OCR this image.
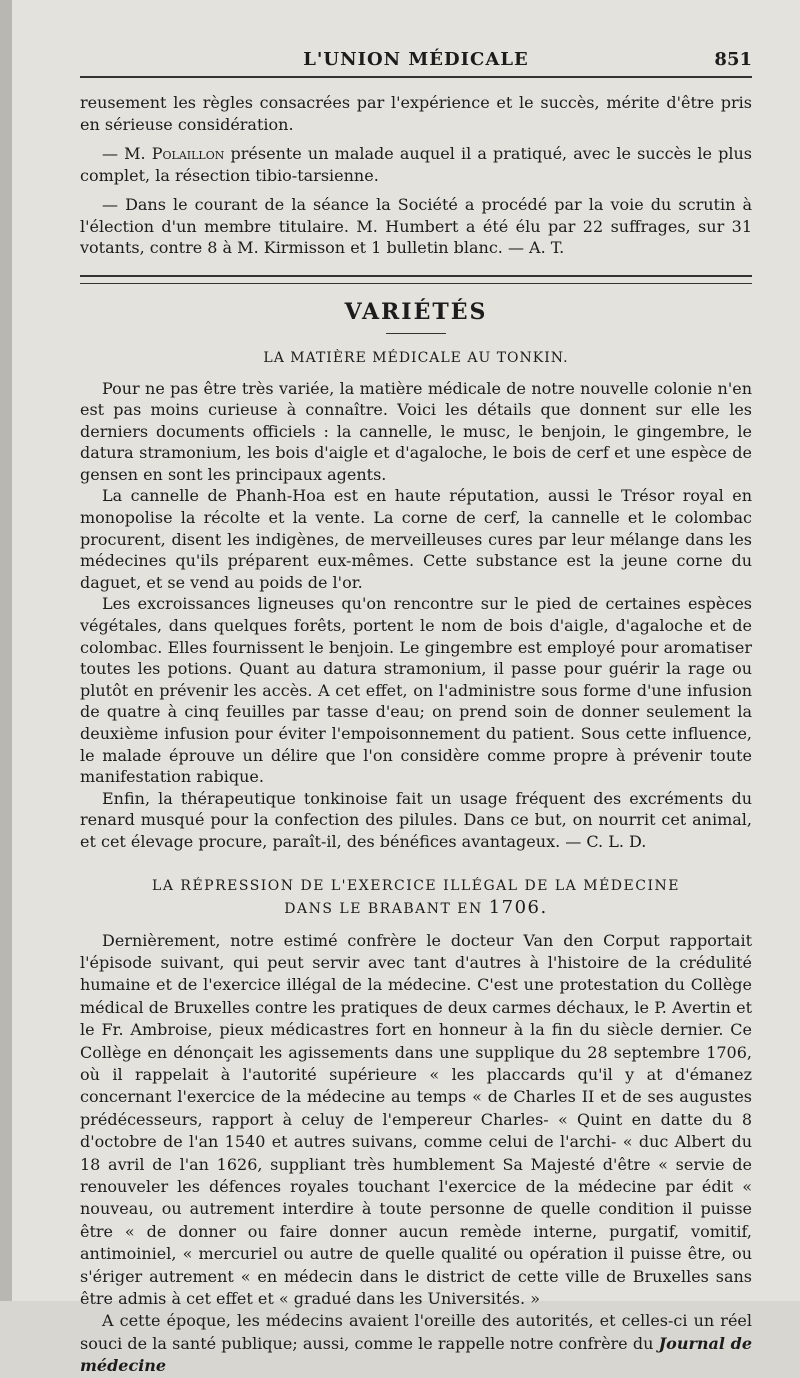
L'UNION MÉDICALE	851

reusement les règles consacrées par l'expérience et le succès, mérite d'être pris en sérieuse considération.

— M. Polaillon présente un malade auquel il a pratiqué, avec le succès le plus complet, la résection tibio-tarsienne.

— Dans le courant de la séance la Société a procédé par la voie du scrutin à l'élection d'un membre titulaire. M. Humbert a été élu par 22 suffrages, sur 31 votants, contre 8 à M. Kirmisson et 1 bulletin blanc. — A. T.

VARIÉTÉS
LA MATIÈRE MÉDICALE AU TONKIN.

Pour ne pas être très variée, la matière médicale de notre nouvelle colonie n'en est pas moins curieuse à connaître. Voici les détails que donnent sur elle les derniers documents officiels : la cannelle, le musc, le benjoin, le gingembre, le datura stramonium, les bois d'aigle et d'agaloche, le bois de cerf et une espèce de gensen en sont les principaux agents.

La cannelle de Phanh-Hoa est en haute réputation, aussi le Trésor royal en monopolise la récolte et la vente. La corne de cerf, la cannelle et le colombac procurent, disent les indigènes, de merveilleuses cures par leur mélange dans les médecines qu'ils préparent eux-mêmes. Cette substance est la jeune corne du daguet, et se vend au poids de l'or.

Les excroissances ligneuses qu'on rencontre sur le pied de certaines espèces végétales, dans quelques forêts, portent le nom de bois d'aigle, d'agaloche et de colombac. Elles fournissent le benjoin. Le gingembre est employé pour aromatiser toutes les potions. Quant au datura stramonium, il passe pour guérir la rage ou plutôt en prévenir les accès. A cet effet, on l'administre sous forme d'une infusion de quatre à cinq feuilles par tasse d'eau; on prend soin de donner seulement la deuxième infusion pour éviter l'empoisonnement du patient. Sous cette influence, le malade éprouve un délire que l'on considère comme propre à prévenir toute manifestation rabique.

Enfin, la thérapeutique tonkinoise fait un usage fréquent des excréments du renard musqué pour la confection des pilules. Dans ce but, on nourrit cet animal, et cet élevage procure, paraît-il, des bénéfices avantageux. — C. L. D.

LA RÉPRESSION DE L'EXERCICE ILLÉGAL DE LA MÉDECINE
DANS LE BRABANT EN 1706.

Dernièrement, notre estimé confrère le docteur Van den Corput rapportait l'épisode suivant, qui peut servir avec tant d'autres à l'histoire de la crédulité humaine et de l'exercice illégal de la médecine. C'est une protestation du Collège médical de Bruxelles contre les pratiques de deux carmes déchaux, le P. Avertin et le Fr. Ambroise, pieux médicastres fort en honneur à la fin du siècle dernier. Ce Collège en dénonçait les agissements dans une supplique du 28 septembre 1706, où il rappelait à l'autorité supérieure « les placcards qu'il y at d'émanez concernant l'exercice de la médecine au temps « de Charles II et de ses augustes prédécesseurs, rapport à celuy de l'empereur Charles- « Quint en datte du 8 d'octobre de l'an 1540 et autres suivans, comme celui de l'archi- « duc Albert du 18 avril de l'an 1626, suppliant très humblement Sa Majesté d'être « servie de renouveler les défences royales touchant l'exercice de la médecine par édit « nouveau, ou autrement interdire à toute personne de quelle condition il puisse être « de donner ou faire donner aucun remède interne, purgatif, vomitif, antimoiniel, « mercuriel ou autre de quelle qualité ou opération il puisse être, ou s'ériger autrement « en médecin dans le district de cette ville de Bruxelles sans être admis à cet effet et « gradué dans les Universités. »

A cette époque, les médecins avaient l'oreille des autorités, et celles-ci un réel souci de la santé publique; aussi, comme le rappelle notre confrère du Journal de médecine
